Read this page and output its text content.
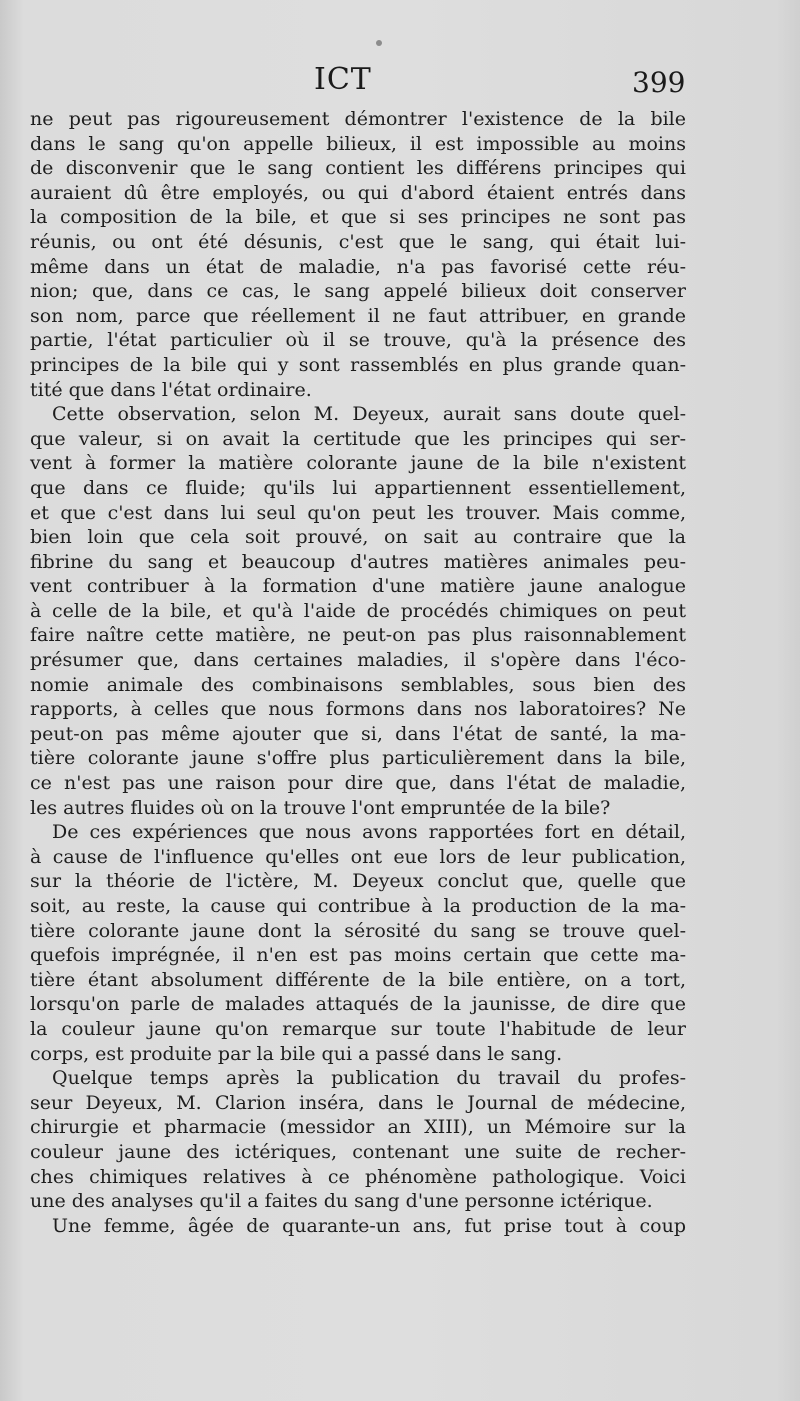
ICT	399
ne peut pas rigoureusement démontrer l'existence de la bile
dans le sang qu'on appelle bilieux, il est impossible au moins
de disconvenir que le sang contient les différens principes qui
auraient dû être employés, ou qui d'abord étaient entrés dans
la composition de la bile, et que si ses principes ne sont pas
réunis, ou ont été désunis, c'est que le sang, qui était lui-
même dans un état de maladie, n'a pas favorisé cette réu-
nion; que, dans ce cas, le sang appelé bilieux doit conserver
son nom, parce que réellement il ne faut attribuer, en grande
partie, l'état particulier où il se trouve, qu'à la présence des
principes de la bile qui y sont rassemblés en plus grande quan-
tité que dans l'état ordinaire.
Cette observation, selon M. Deyeux, aurait sans doute quel-
que valeur, si on avait la certitude que les principes qui ser-
vent à former la matière colorante jaune de la bile n'existent
que dans ce fluide; qu'ils lui appartiennent essentiellement,
et que c'est dans lui seul qu'on peut les trouver. Mais comme,
bien loin que cela soit prouvé, on sait au contraire que la
fibrine du sang et beaucoup d'autres matières animales peu-
vent contribuer à la formation d'une matière jaune analogue
à celle de la bile, et qu'à l'aide de procédés chimiques on peut
faire naître cette matière, ne peut-on pas plus raisonnablement
présumer que, dans certaines maladies, il s'opère dans l'éco-
nomie animale des combinaisons semblables, sous bien des
rapports, à celles que nous formons dans nos laboratoires? Ne
peut-on pas même ajouter que si, dans l'état de santé, la ma-
tière colorante jaune s'offre plus particulièrement dans la bile,
ce n'est pas une raison pour dire que, dans l'état de maladie,
les autres fluides où on la trouve l'ont empruntée de la bile?
De ces expériences que nous avons rapportées fort en détail,
à cause de l'influence qu'elles ont eue lors de leur publication,
sur la théorie de l'ictère, M. Deyeux conclut que, quelle que
soit, au reste, la cause qui contribue à la production de la ma-
tière colorante jaune dont la sérosité du sang se trouve quel-
quefois imprégnée, il n'en est pas moins certain que cette ma-
tière étant absolument différente de la bile entière, on a tort,
lorsqu'on parle de malades attaqués de la jaunisse, de dire que
la couleur jaune qu'on remarque sur toute l'habitude de leur
corps, est produite par la bile qui a passé dans le sang.
Quelque temps après la publication du travail du profes-
seur Deyeux, M. Clarion inséra, dans le Journal de médecine,
chirurgie et pharmacie (messidor an XIII), un Mémoire sur la
couleur jaune des ictériques, contenant une suite de recher-
ches chimiques relatives à ce phénomène pathologique. Voici
une des analyses qu'il a faites du sang d'une personne ictérique.
Une femme, âgée de quarante-un ans, fut prise tout à coup
